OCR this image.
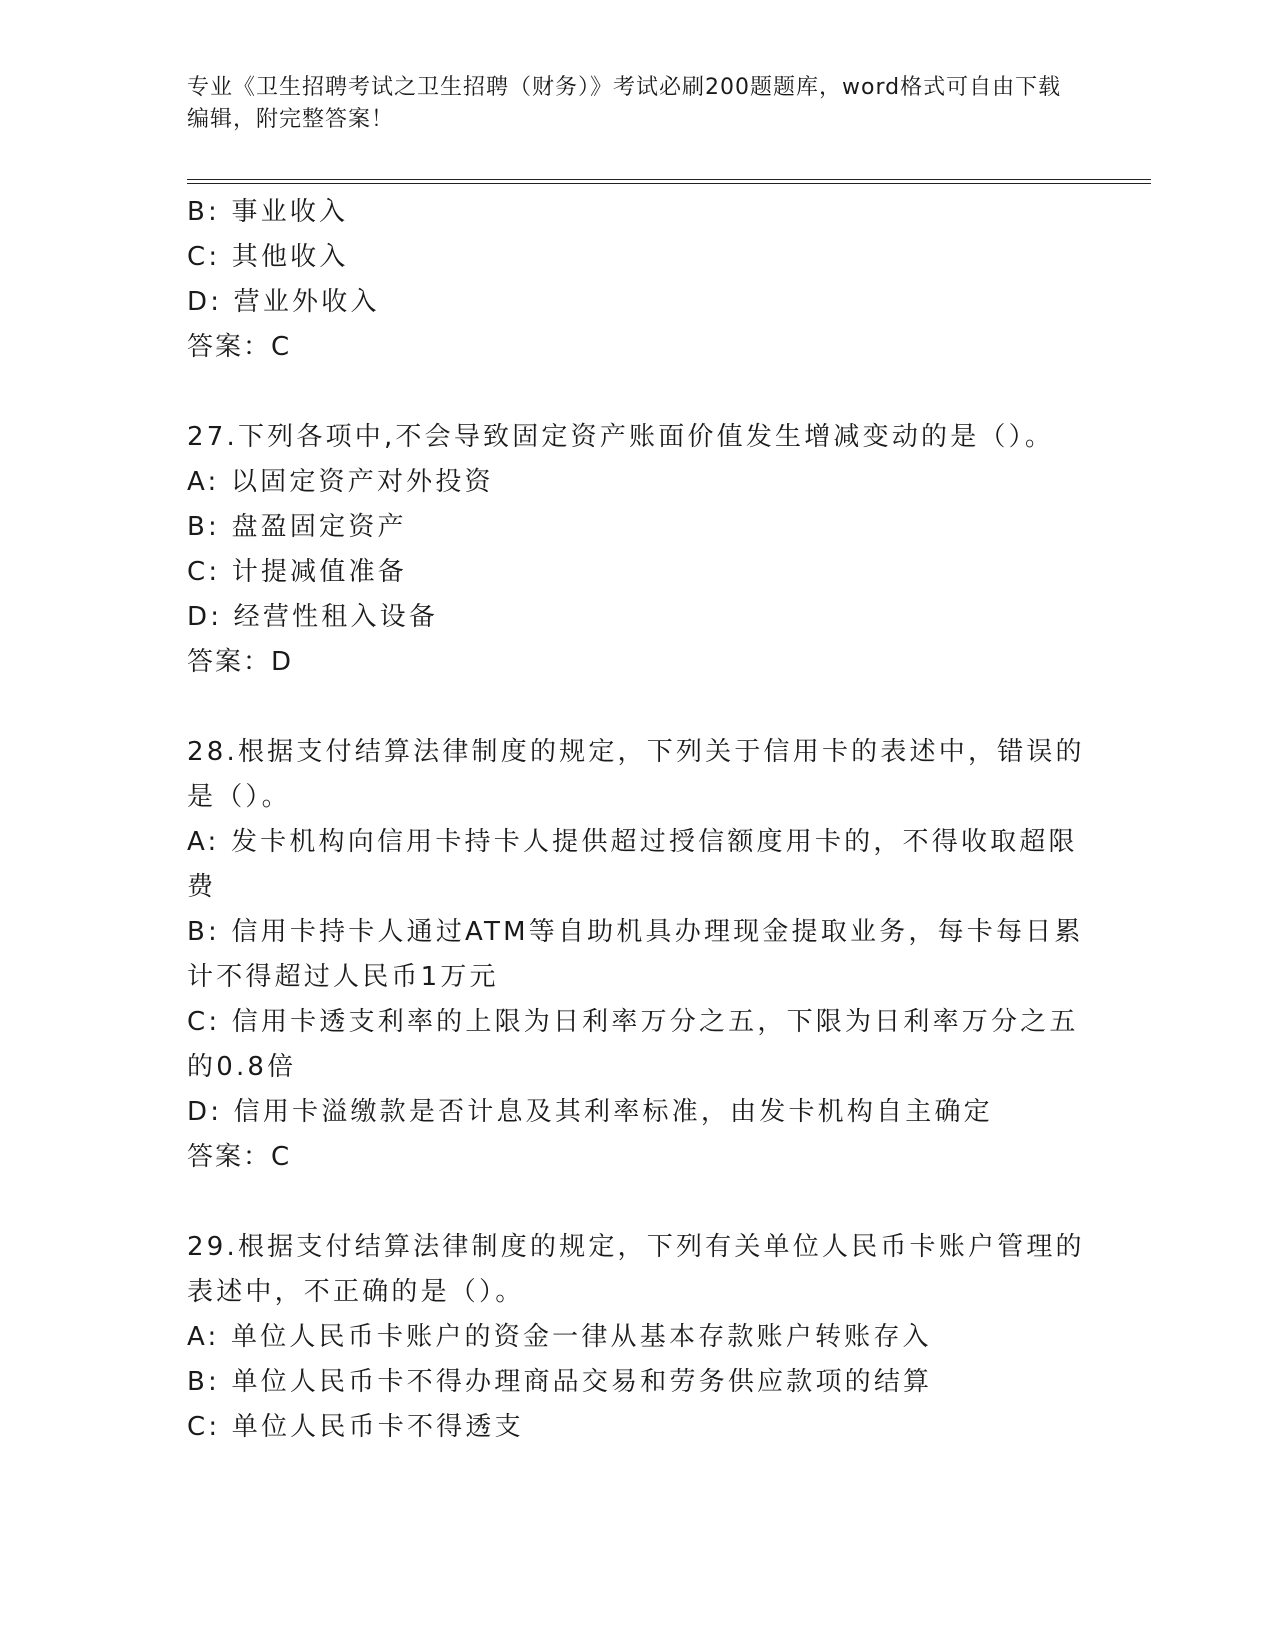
专业《卫生招聘考试之卫生招聘（财务）》考试必刷200题题库，word格式可自由下载编辑，附完整答案！
B: 事业收入
C: 其他收入
D: 营业外收入
答案：C
27.下列各项中,不会导致固定资产账面价值发生增减变动的是（）。
A: 以固定资产对外投资
B: 盘盈固定资产
C: 计提减值准备
D: 经营性租入设备
答案：D
28.根据支付结算法律制度的规定，下列关于信用卡的表述中，错误的
是（）。
A: 发卡机构向信用卡持卡人提供超过授信额度用卡的，不得收取超限
费
B: 信用卡持卡人通过ATM等自助机具办理现金提取业务，每卡每日累
计不得超过人民币1万元
C: 信用卡透支利率的上限为日利率万分之五，下限为日利率万分之五
的0.8倍
D: 信用卡溢缴款是否计息及其利率标准，由发卡机构自主确定
答案：C
29.根据支付结算法律制度的规定，下列有关单位人民币卡账户管理的
表述中，不正确的是（）。
A: 单位人民币卡账户的资金一律从基本存款账户转账存入
B: 单位人民币卡不得办理商品交易和劳务供应款项的结算
C: 单位人民币卡不得透支
